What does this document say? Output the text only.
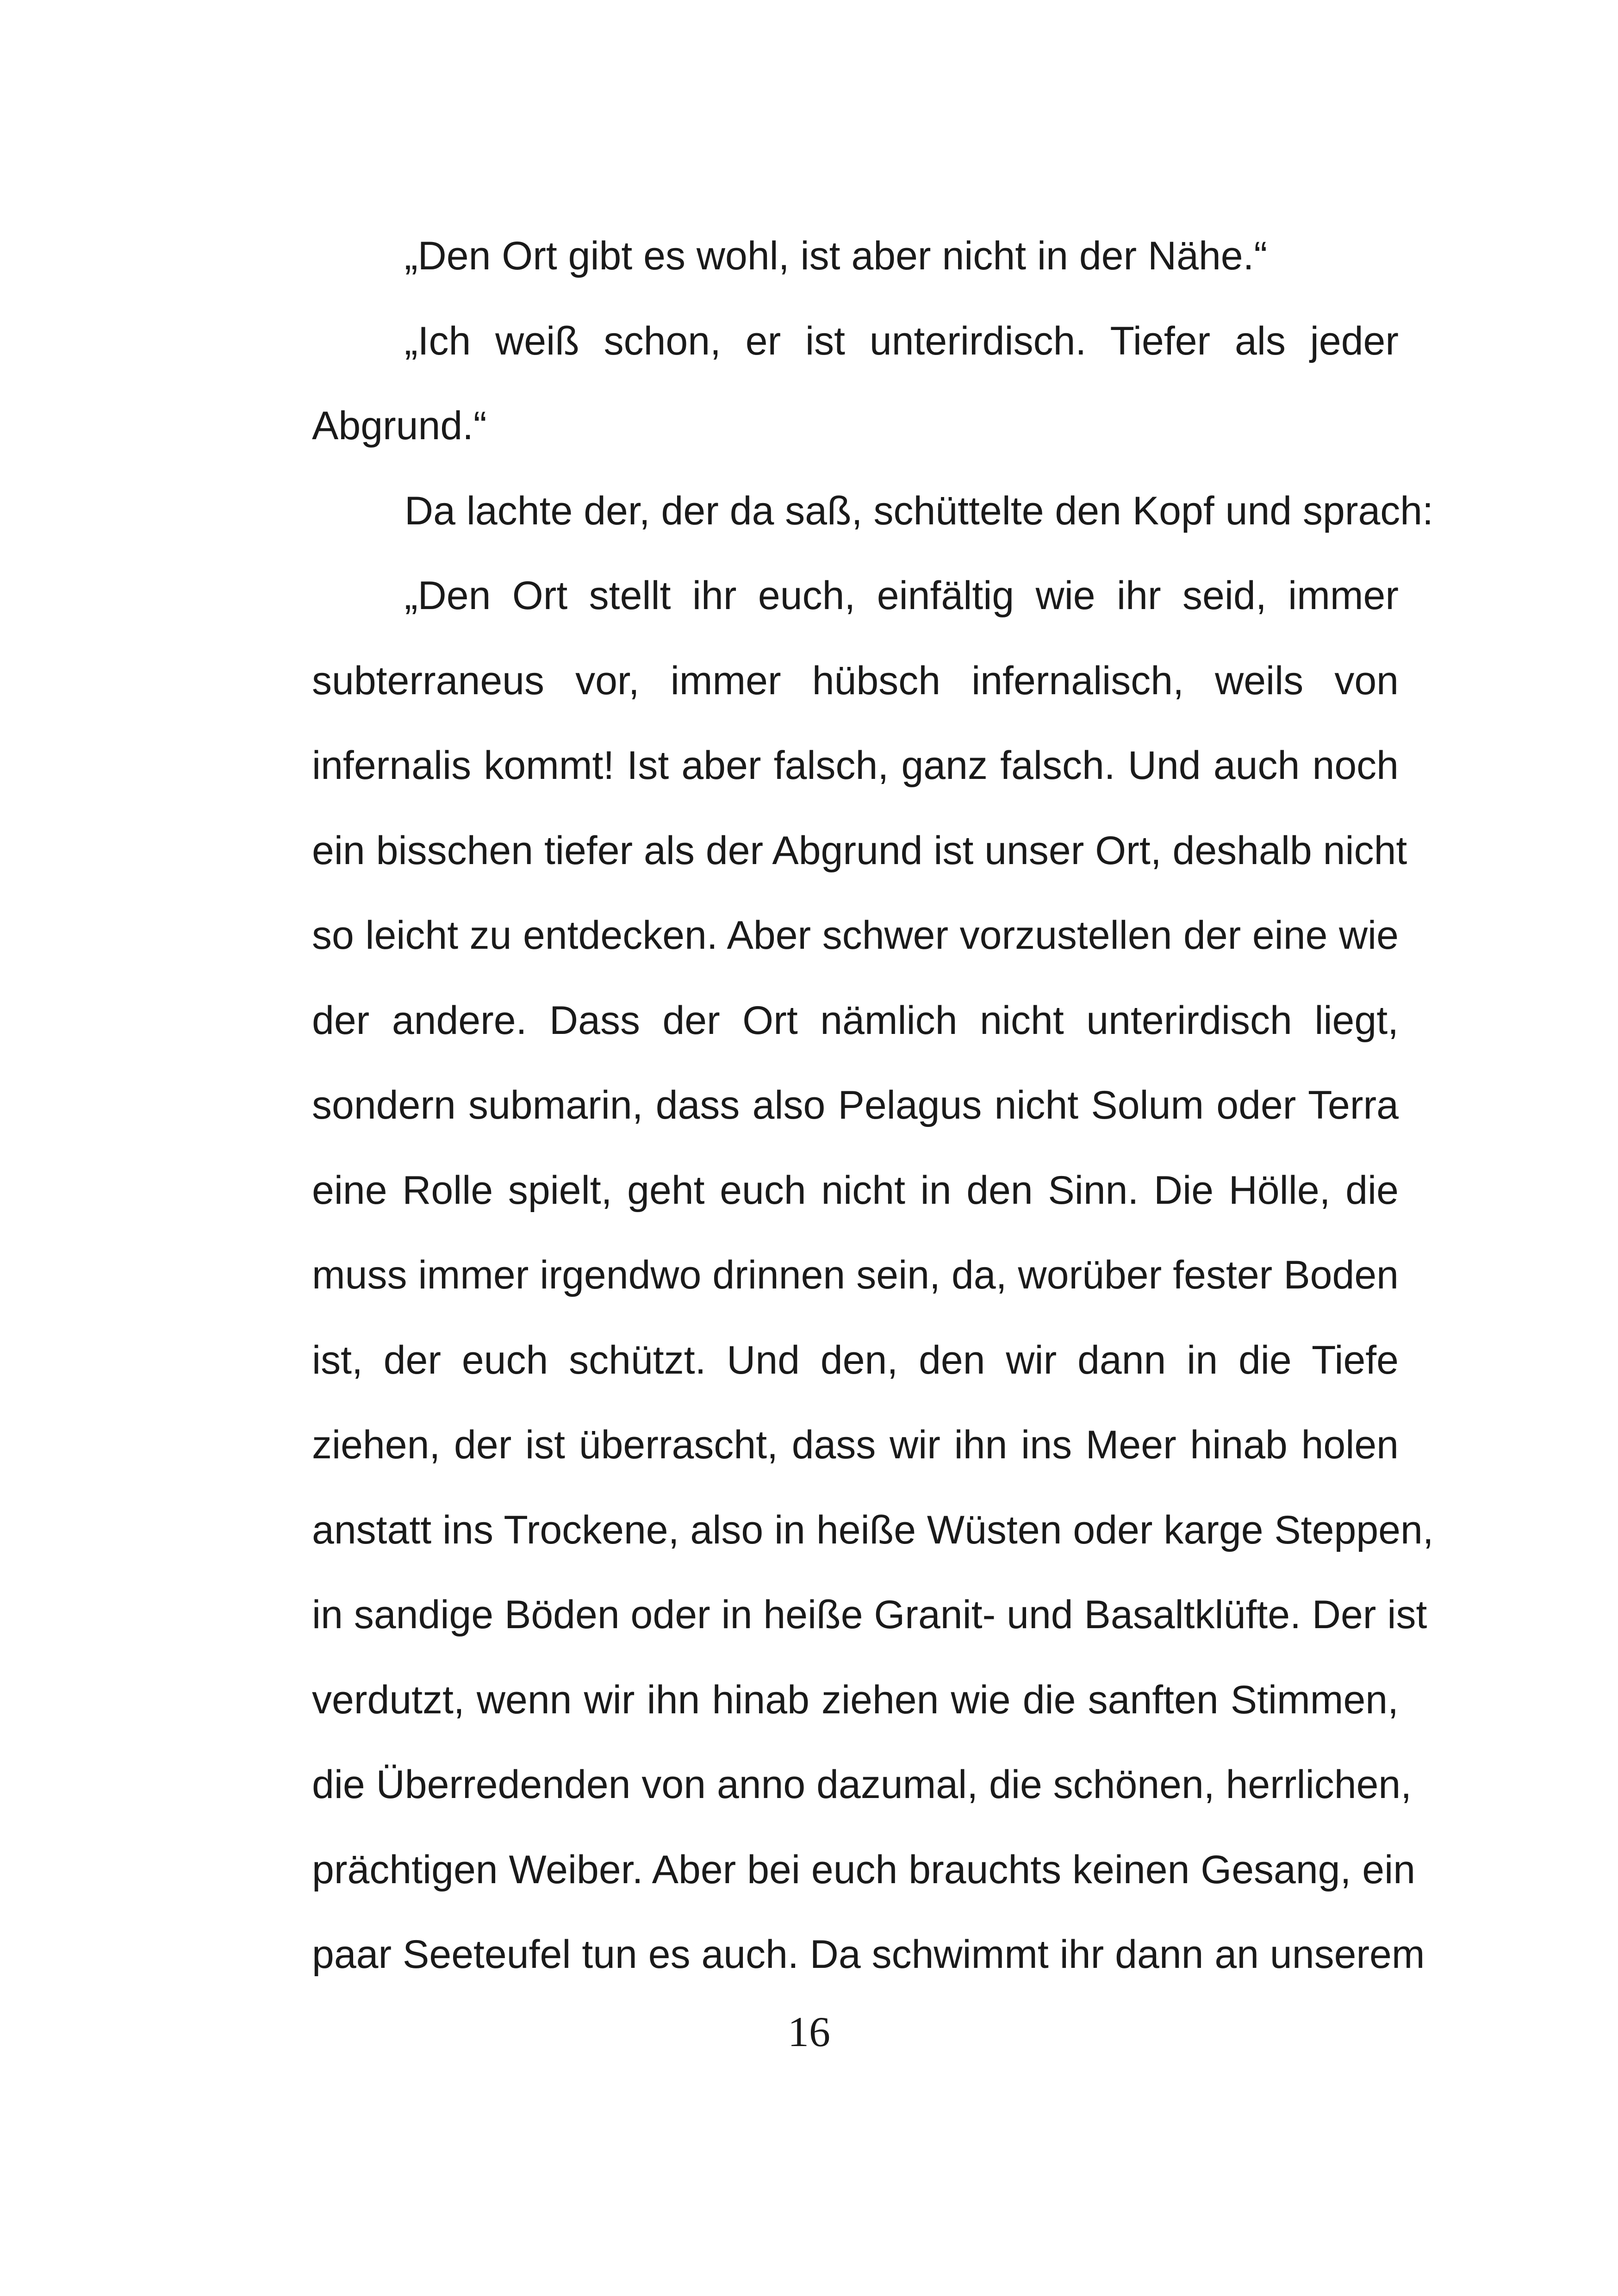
„Den Ort gibt es wohl, ist aber nicht in der Nähe.“
„Ich weiß schon, er ist unterirdisch. Tiefer als jeder
Abgrund.“
Da lachte der, der da saß, schüttelte den Kopf und sprach:
„Den Ort stellt ihr euch, einfältig wie ihr seid, immer
subterraneus vor, immer hübsch infernalisch, weils von
infernalis kommt! Ist aber falsch, ganz falsch. Und auch noch
ein bisschen tiefer als der Abgrund ist unser Ort, deshalb nicht
so leicht zu entdecken. Aber schwer vorzustellen der eine wie
der andere. Dass der Ort nämlich nicht unterirdisch liegt,
sondern submarin, dass also Pelagus nicht Solum oder Terra
eine Rolle spielt, geht euch nicht in den Sinn. Die Hölle, die
muss immer irgendwo drinnen sein, da, worüber fester Boden
ist, der euch schützt. Und den, den wir dann in die Tiefe
ziehen, der ist überrascht, dass wir ihn ins Meer hinab holen
anstatt ins Trockene, also in heiße Wüsten oder karge Steppen,
in sandige Böden oder in heiße Granit- und Basaltklüfte. Der ist
verdutzt, wenn wir ihn hinab ziehen wie die sanften Stimmen,
die Überredenden von anno dazumal, die schönen, herrlichen,
prächtigen Weiber. Aber bei euch brauchts keinen Gesang, ein
paar Seeteufel tun es auch. Da schwimmt ihr dann an unserem
16
